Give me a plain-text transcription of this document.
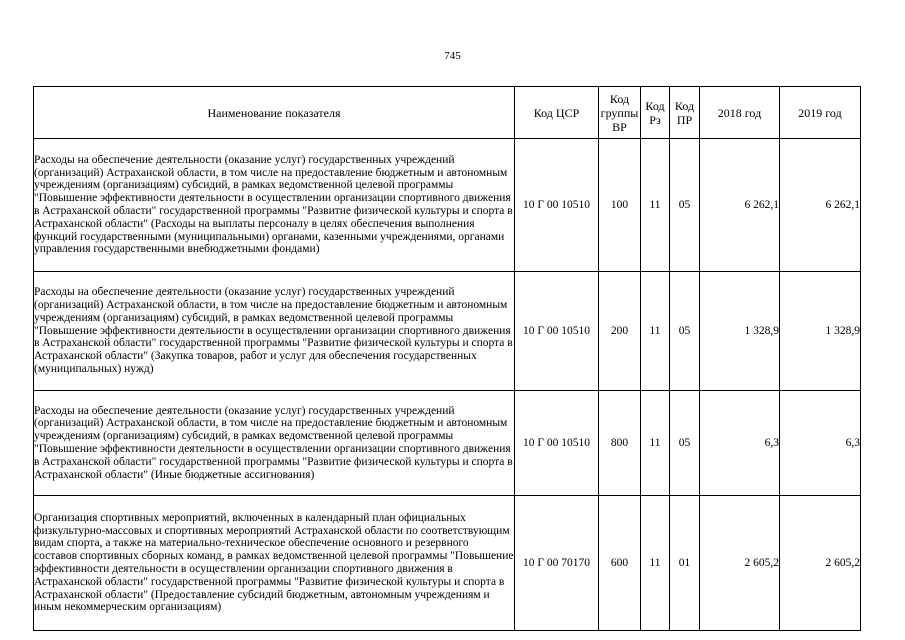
745
Наименование показателя	Код ЦСР	Код группы ВР	Код Рз	Код ПР	2018 год	2019 год
Расходы на обеспечение деятельности (оказание услуг) государственных учреждений (организаций) Астраханской области, в том числе на предоставление бюджетным и автономным учреждениям (организациям) субсидий, в рамках ведомственной целевой программы "Повышение эффективности деятельности в осуществлении организации спортивного движения в Астраханской области" государственной программы "Развитие физической культуры и спорта в Астраханской области" (Расходы на выплаты персоналу в целях обеспечения выполнения функций государственными (муниципальными) органами, казенными учреждениями, органами управления государственными внебюджетными фондами)	10 Г 00 10510	100	11	05	6 262,1	6 262,1
Расходы на обеспечение деятельности (оказание услуг) государственных учреждений (организаций) Астраханской области, в том числе на предоставление бюджетным и автономным учреждениям (организациям) субсидий, в рамках ведомственной целевой программы "Повышение эффективности деятельности в осуществлении организации спортивного движения в Астраханской области" государственной программы "Развитие физической культуры и спорта в Астраханской области" (Закупка товаров, работ и услуг для обеспечения государственных (муниципальных) нужд)	10 Г 00 10510	200	11	05	1 328,9	1 328,9
Расходы на обеспечение деятельности (оказание услуг) государственных учреждений (организаций) Астраханской области, в том числе на предоставление бюджетным и автономным учреждениям (организациям) субсидий, в рамках ведомственной целевой программы "Повышение эффективности деятельности в осуществлении организации спортивного движения в Астраханской области" государственной программы "Развитие физической культуры и спорта в Астраханской области" (Иные бюджетные ассигнования)	10 Г 00 10510	800	11	05	6,3	6,3
Организация спортивных мероприятий, включенных в календарный план официальных физкультурно-массовых и спортивных мероприятий Астраханской области по соответствующим видам спорта, а также на материально-техническое обеспечение основного и резервного составов спортивных сборных команд, в рамках ведомственной целевой программы "Повышение эффективности деятельности в осуществлении организации спортивного движения в Астраханской области" государственной программы "Развитие физической культуры и спорта в Астраханской области" (Предоставление субсидий бюджетным, автономным учреждениям и иным некоммерческим организациям)	10 Г 00 70170	600	11	01	2 605,2	2 605,2
